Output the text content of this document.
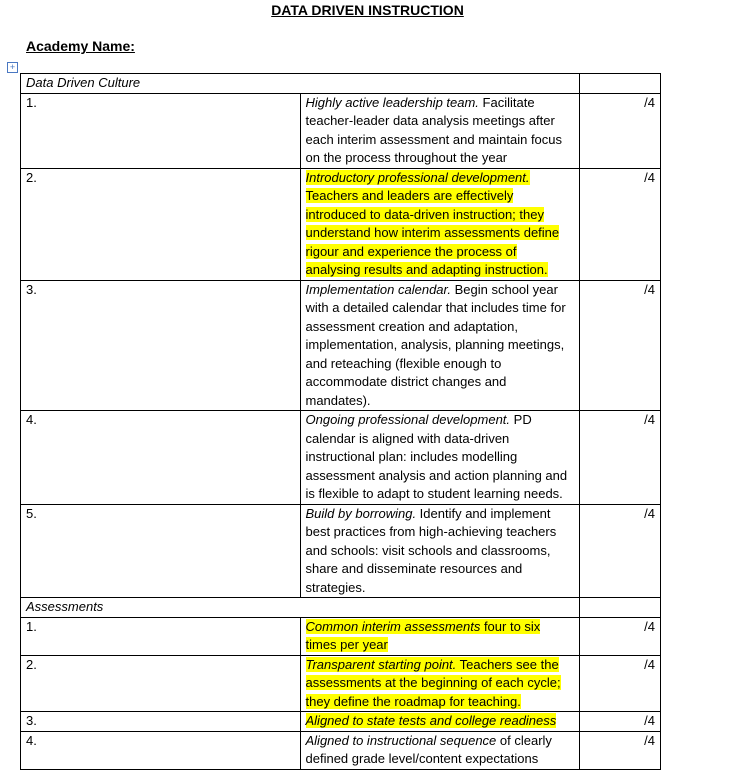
DATA DRIVEN INSTRUCTION
Academy Name:
+
Data Driven Culture		
1.	Highly active leadership team. Facilitate teacher-leader data analysis meetings after each interim assessment and maintain focus on the process throughout the year	/4
2.	Introductory professional development. Teachers and leaders are effectively introduced to data-driven instruction; they understand how interim assessments define rigour and experience the process of analysing results and adapting instruction.	/4
3.	Implementation calendar. Begin school year with a detailed calendar that includes time for assessment creation and adaptation, implementation, analysis, planning meetings, and reteaching (flexible enough to accommodate district changes and mandates).	/4
4.	Ongoing professional development. PD calendar is aligned with data-driven instructional plan: includes modelling assessment analysis and action planning and is flexible to adapt to student learning needs.	/4
5.	Build by borrowing. Identify and implement best practices from high-achieving teachers and schools: visit schools and classrooms, share and disseminate resources and strategies.	/4
Assessments		
1.	Common interim assessments four to six times per year	/4
2.	Transparent starting point. Teachers see the assessments at the beginning of each cycle; they define the roadmap for teaching.	/4
3.	Aligned to state tests and college readiness	/4
4.	Aligned to instructional sequence of clearly defined grade level/content expectations	/4
